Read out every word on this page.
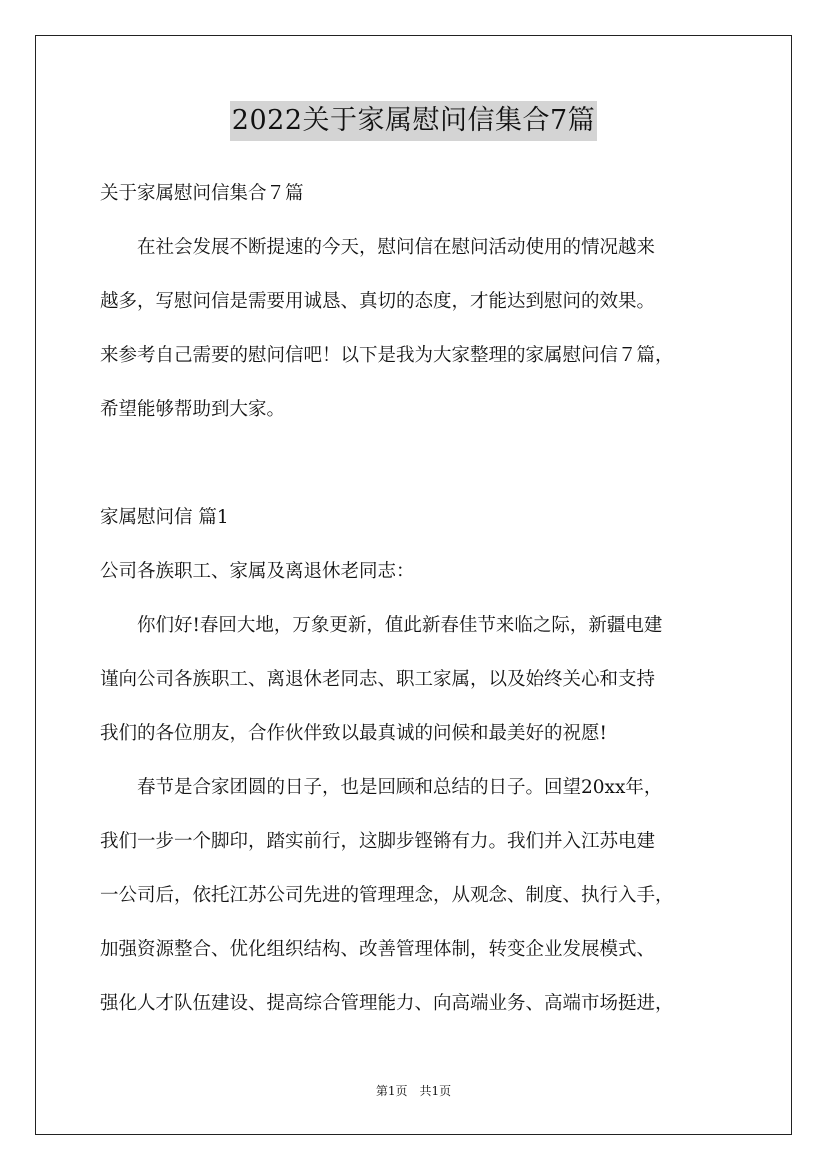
2022关于家属慰问信集合7篇
关于家属慰问信集合７篇
　　在社会发展不断提速的今天，慰问信在慰问活动使用的情况越来
越多，写慰问信是需要用诚恳、真切的态度，才能达到慰问的效果。
来参考自己需要的慰问信吧！以下是我为大家整理的家属慰问信７篇，
希望能够帮助到大家。
家属慰问信 篇1
公司各族职工、家属及离退休老同志：
　　你们好!春回大地，万象更新，值此新春佳节来临之际，新疆电建
谨向公司各族职工、离退休老同志、职工家属，以及始终关心和支持
我们的各位朋友，合作伙伴致以最真诚的问候和最美好的祝愿!
　　春节是合家团圆的日子，也是回顾和总结的日子。回望20xx年，
我们一步一个脚印，踏实前行，这脚步铿锵有力。我们并入江苏电建
一公司后，依托江苏公司先进的管理理念，从观念、制度、执行入手，
加强资源整合、优化组织结构、改善管理体制，转变企业发展模式、
强化人才队伍建设、提高综合管理能力、向高端业务、高端市场挺进，
第1页　共1页
